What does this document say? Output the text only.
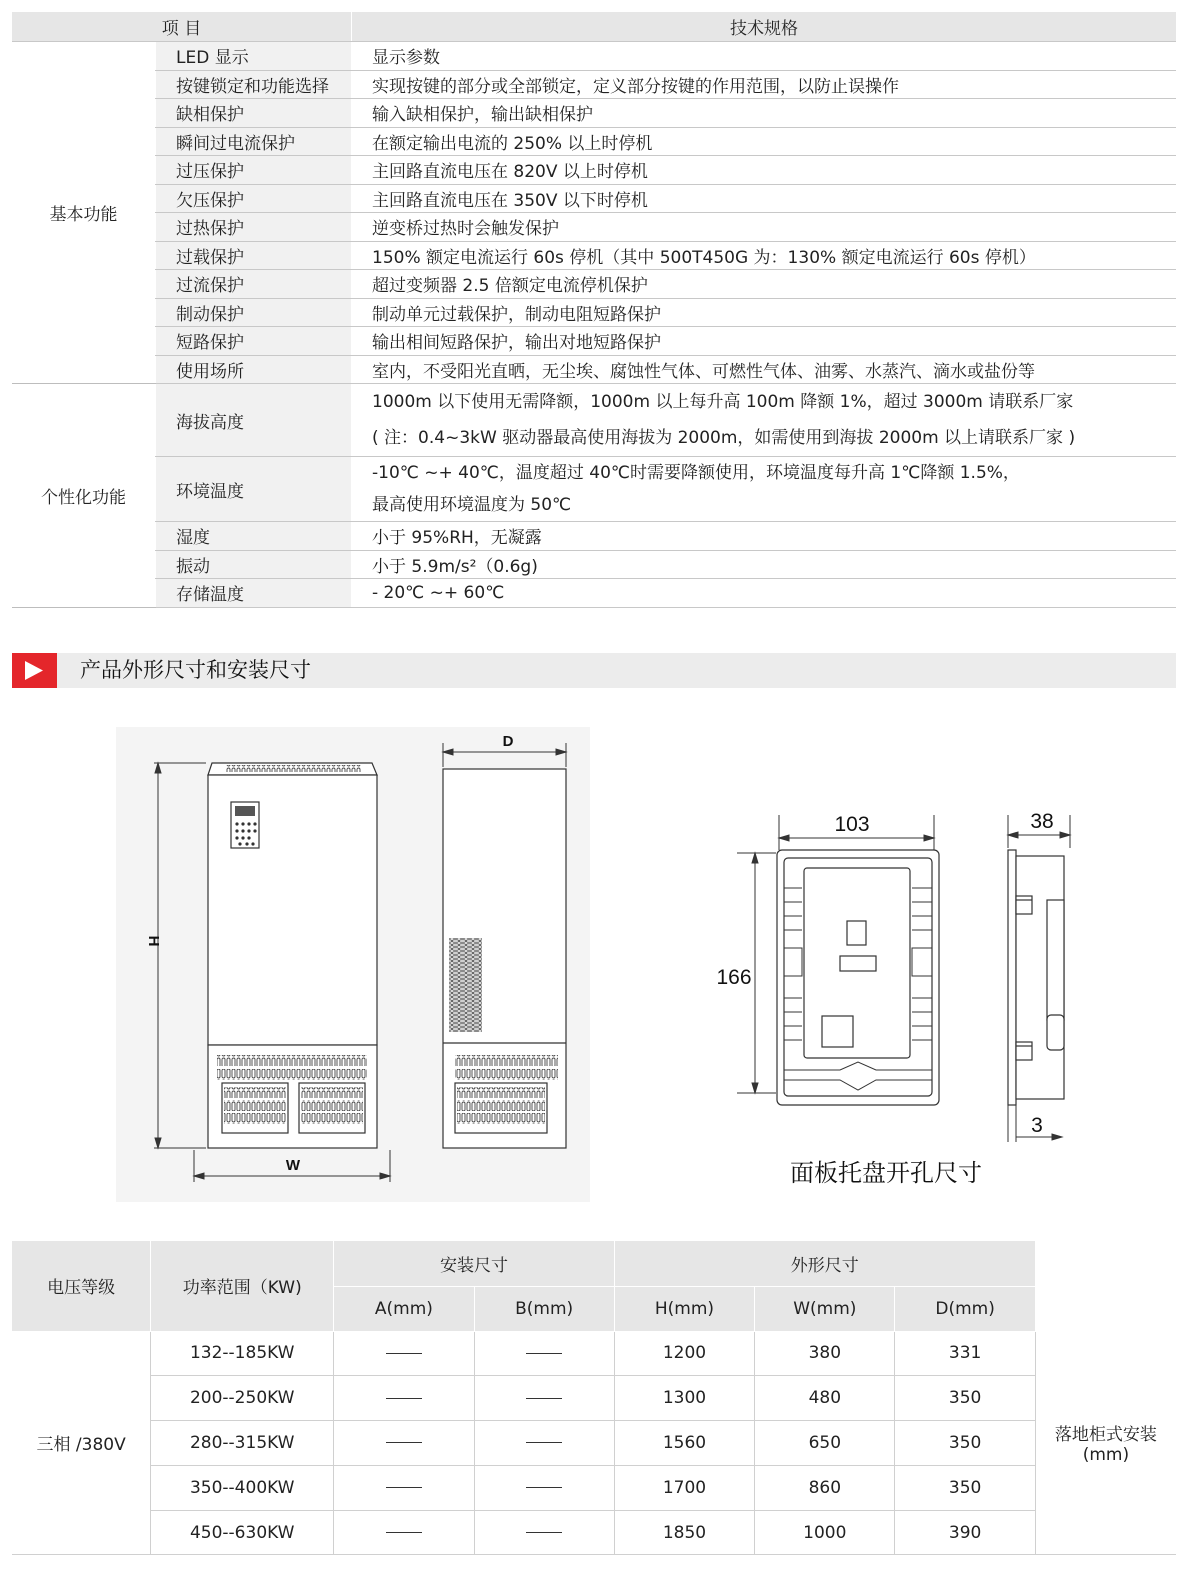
项 目		技术规格
基本功能	LED 显示	显示参数
	按键锁定和功能选择	实现按键的部分或全部锁定，定义部分按键的作用范围，以防止误操作
	缺相保护	输入缺相保护，输出缺相保护
	瞬间过电流保护	在额定输出电流的 250% 以上时停机
	过压保护	主回路直流电压在 820V 以上时停机
	欠压保护	主回路直流电压在 350V 以下时停机
	过热保护	逆变桥过热时会触发保护
	过载保护	150% 额定电流运行 60s 停机（其中 500T450G 为：130% 额定电流运行 60s 停机）
	过流保护	超过变频器 2.5 倍额定电流停机保护
	制动保护	制动单元过载保护，制动电阻短路保护
	短路保护	输出相间短路保护，输出对地短路保护
	使用场所	室内，不受阳光直晒，无尘埃、腐蚀性气体、可燃性气体、油雾、水蒸汽、滴水或盐份等
个性化功能	海拔高度	1000m 以下使用无需降额，1000m 以上每升高 100m 降额 1%，超过 3000m 请联系厂家
( 注：0.4~3kW 驱动器最高使用海拔为 2000m，如需使用到海拔 2000m 以上请联系厂家 )

	环境温度	-10℃ ~+ 40℃，温度超过 40℃时需要降额使用，环境温度每升高 1℃降额 1.5%，
最高使用环境温度为 50℃

	湿度	小于 95%RH，无凝露
	振动	小于 5.9m/s²（0.6g)
	存储温度	- 20℃ ~+ 60℃
产品外形尺寸和安装尺寸
H
W
D
103
166
38
3
面板托盘开孔尺寸
电压等级	功率范围（KW)	安装尺寸		外形尺寸			
		A(mm)	B(mm)	H(mm)	W(mm)	D(mm)	
三相 /380V	132--185KW			1200	380	331	落地柜式安装
(mm)

	200--250KW			1300	480	350	
	280--315KW			1560	650	350	
	350--400KW			1700	860	350	
	450--630KW			1850	1000	390	
